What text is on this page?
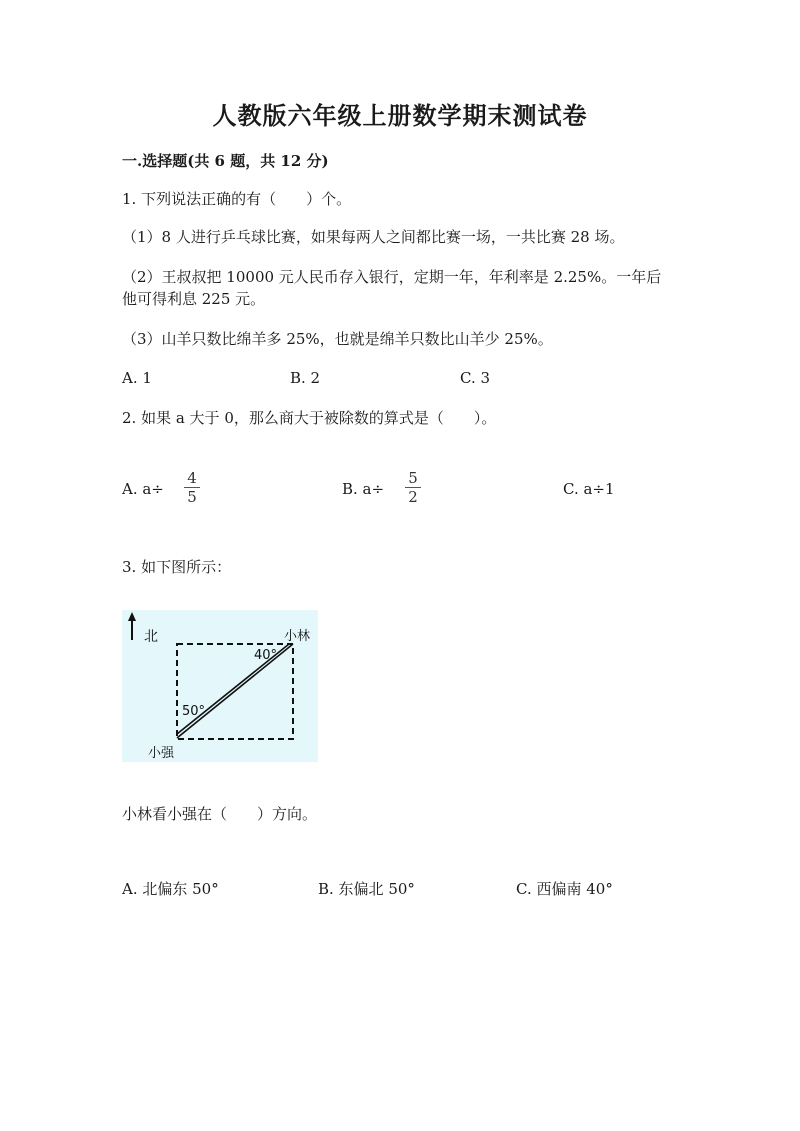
人教版六年级上册数学期末测试卷
一.选择题(共 6 题，共 12 分)
1. 下列说法正确的有（　　）个。
（1）8 人进行乒乓球比赛，如果每两人之间都比赛一场，一共比赛 28 场。
（2）王叔叔把 10000 元人民币存入银行，定期一年，年利率是 2.25%。一年后
他可得利息 225 元。
（3）山羊只数比绵羊多 25%，也就是绵羊只数比山羊少 25%。
A. 1	B. 2	C. 3
2. 如果 a 大于 0，那么商大于被除数的算式是（　　）。
A. a÷
4
5	B. a÷
5
2	C. a÷1
3. 如下图所示：
北	小林
40°
50°
小强
小林看小强在（　　）方向。
A. 北偏东 50°	B. 东偏北 50°	C. 西偏南 40°
